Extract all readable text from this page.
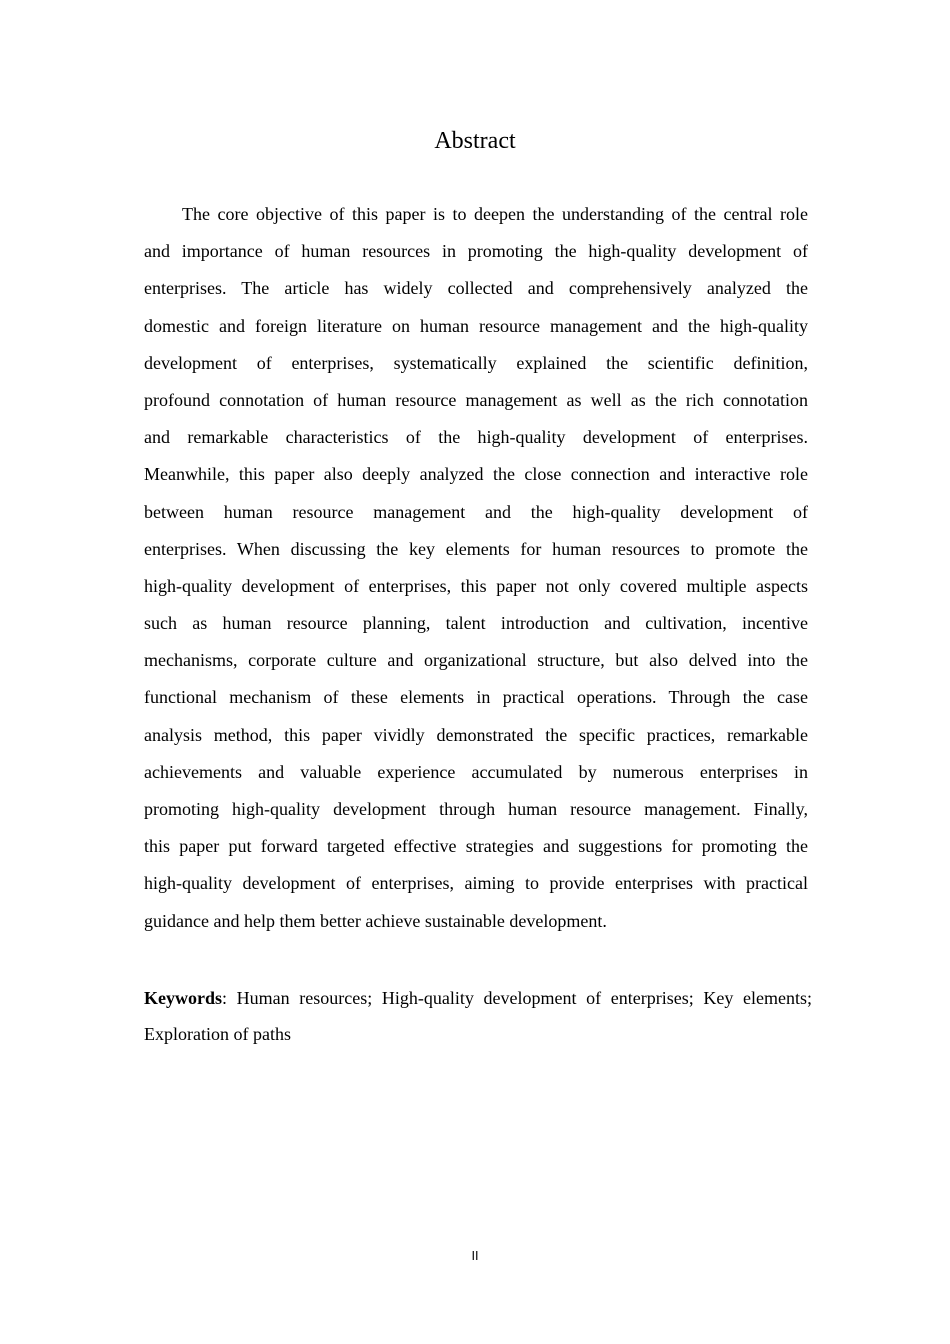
Abstract
The core objective of this paper is to deepen the understanding of the central role
and importance of human resources in promoting the high-quality development of
enterprises. The article has widely collected and comprehensively analyzed the
domestic and foreign literature on human resource management and the high-quality
development of enterprises, systematically explained the scientific definition,
profound connotation of human resource management as well as the rich connotation
and remarkable characteristics of the high-quality development of enterprises.
Meanwhile, this paper also deeply analyzed the close connection and interactive role
between human resource management and the high-quality development of
enterprises. When discussing the key elements for human resources to promote the
high-quality development of enterprises, this paper not only covered multiple aspects
such as human resource planning, talent introduction and cultivation, incentive
mechanisms, corporate culture and organizational structure, but also delved into the
functional mechanism of these elements in practical operations. Through the case
analysis method, this paper vividly demonstrated the specific practices, remarkable
achievements and valuable experience accumulated by numerous enterprises in
promoting high-quality development through human resource management. Finally,
this paper put forward targeted effective strategies and suggestions for promoting the
high-quality development of enterprises, aiming to provide enterprises with practical
guidance and help them better achieve sustainable development.
Keywords: Human resources; High-quality development of enterprises; Key elements;
Exploration of paths
II
